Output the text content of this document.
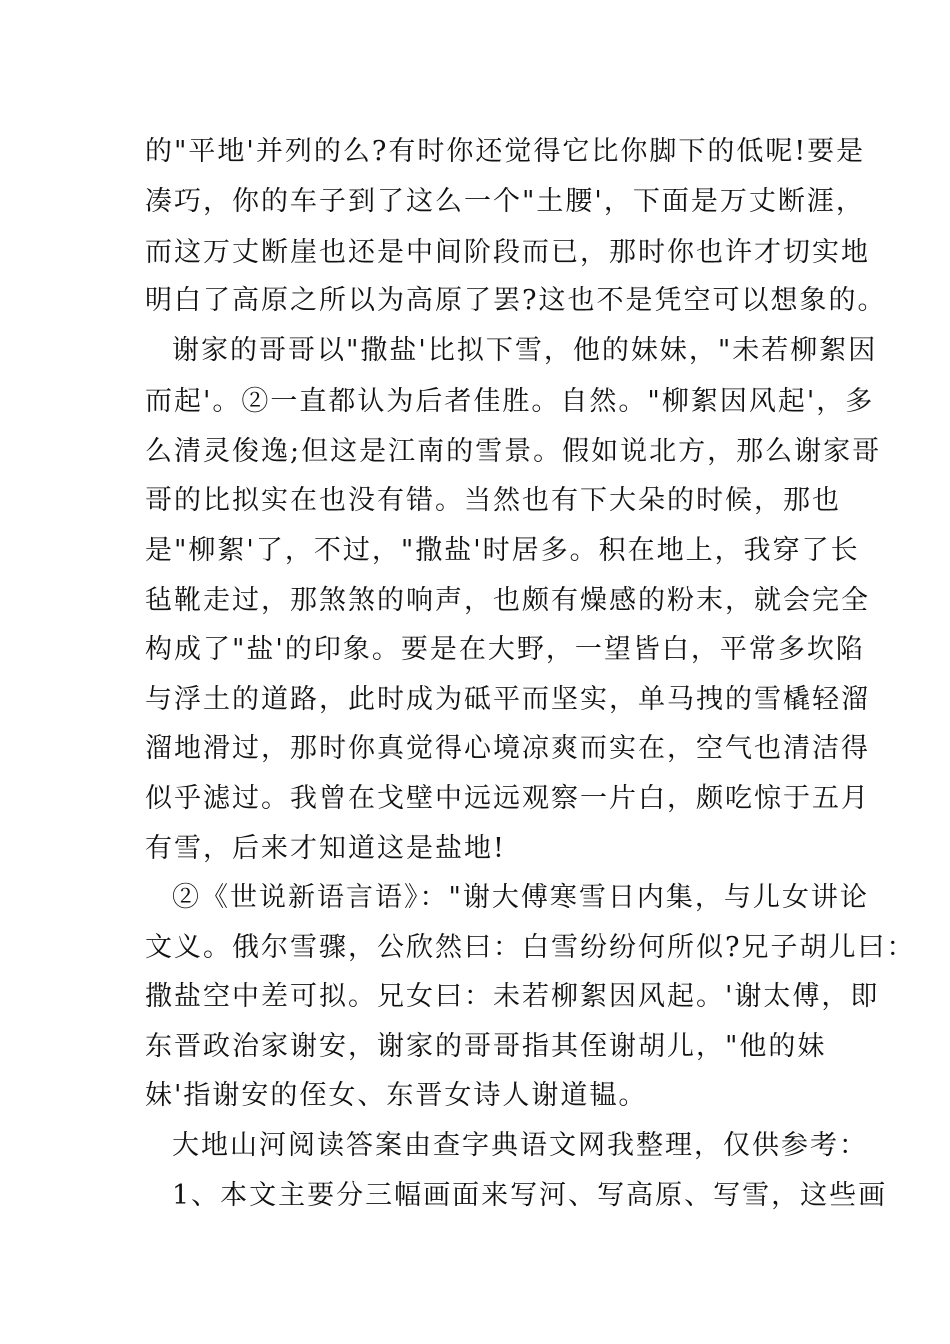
的"平地'并列的么?有时你还觉得它比你脚下的低呢!要是
凑巧，你的车子到了这么一个"土腰'，下面是万丈断涯，
而这万丈断崖也还是中间阶段而已，那时你也许才切实地
明白了高原之所以为高原了罢?这也不是凭空可以想象的。
谢家的哥哥以"撒盐'比拟下雪，他的妹妹，"未若柳絮因
而起'。②一直都认为后者佳胜。自然。"柳絮因风起'，多
么清灵俊逸;但这是江南的雪景。假如说北方，那么谢家哥
哥的比拟实在也没有错。当然也有下大朵的时候，那也
是"柳絮'了，不过，"撒盐'时居多。积在地上，我穿了长
毡靴走过，那煞煞的响声，也颇有燥感的粉末，就会完全
构成了"盐'的印象。要是在大野，一望皆白，平常多坎陷
与浮土的道路，此时成为砥平而坚实，单马拽的雪橇轻溜
溜地滑过，那时你真觉得心境凉爽而实在，空气也清洁得
似乎滤过。我曾在戈壁中远远观察一片白，颇吃惊于五月
有雪，后来才知道这是盐地!
②《世说新语言语》："谢大傅寒雪日内集，与儿女讲论
文义。俄尔雪骤，公欣然曰：白雪纷纷何所似?兄子胡儿曰：
撒盐空中差可拟。兄女曰：未若柳絮因风起。'谢太傅，即
东晋政治家谢安，谢家的哥哥指其侄谢胡儿，"他的妹
妹'指谢安的侄女、东晋女诗人谢道韫。
大地山河阅读答案由查字典语文网我整理，仅供参考：
1、本文主要分三幅画面来写河、写高原、写雪，这些画
